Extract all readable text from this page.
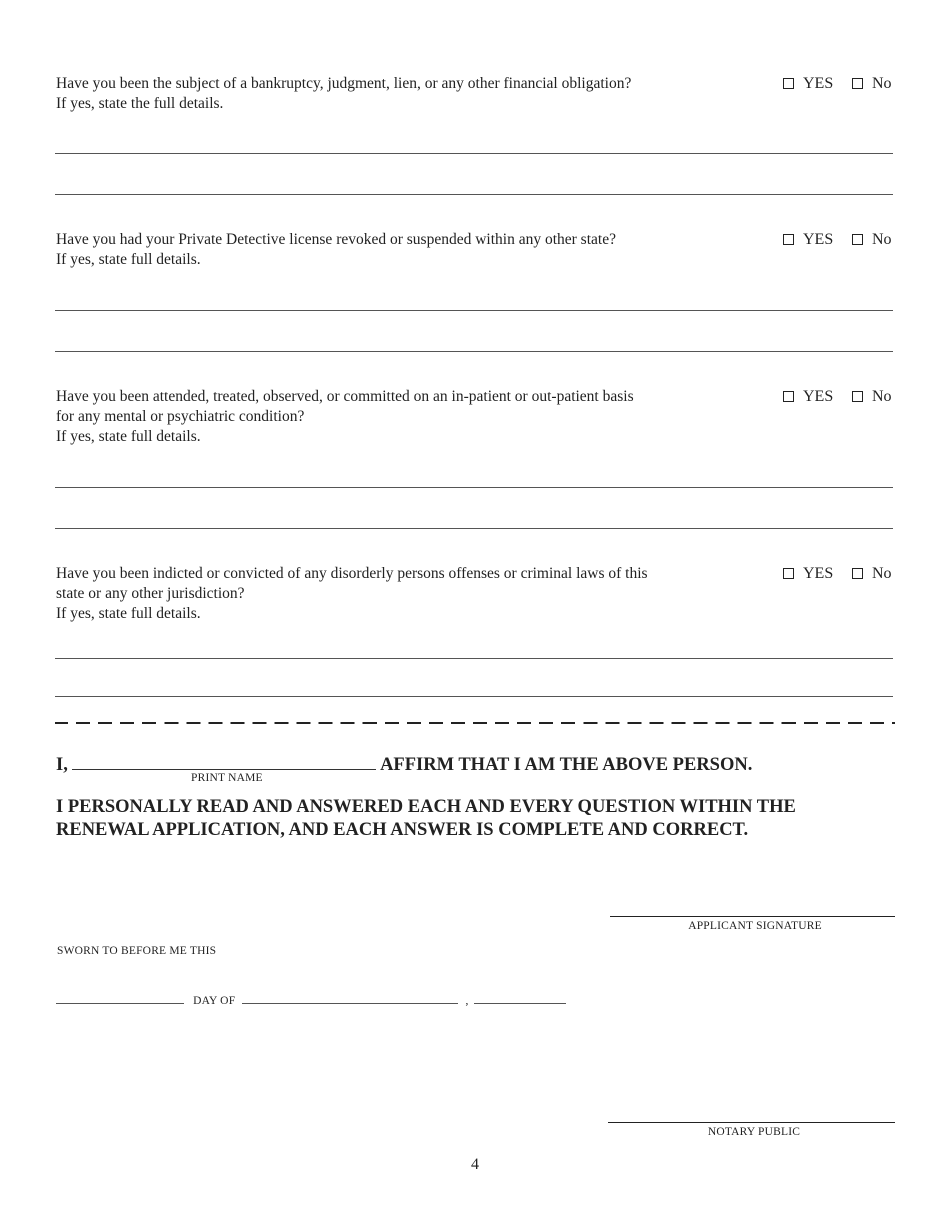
Have you been the subject of a bankruptcy, judgment, lien, or any other financial obligation?
If yes, state the full details.
YES No
Have you had your Private Detective license revoked or suspended within any other state?
If yes, state full details.
YES No
Have you been attended, treated, observed, or committed on an in-patient or out-patient basis
for any mental or psychiatric condition?
If yes, state full details.
YES No
Have you been indicted or convicted of any disorderly persons offenses or criminal laws of this
state or any other jurisdiction?
If yes, state full details.
YES No
I,	AFFIRM THAT I AM THE ABOVE PERSON.
PRINT NAME
I PERSONALLY READ AND ANSWERED EACH AND EVERY QUESTION WITHIN THE
RENEWAL APPLICATION, AND EACH ANSWER IS COMPLETE AND CORRECT.
APPLICANT SIGNATURE
SWORN TO BEFORE ME THIS
DAY OF	,
NOTARY PUBLIC
4
